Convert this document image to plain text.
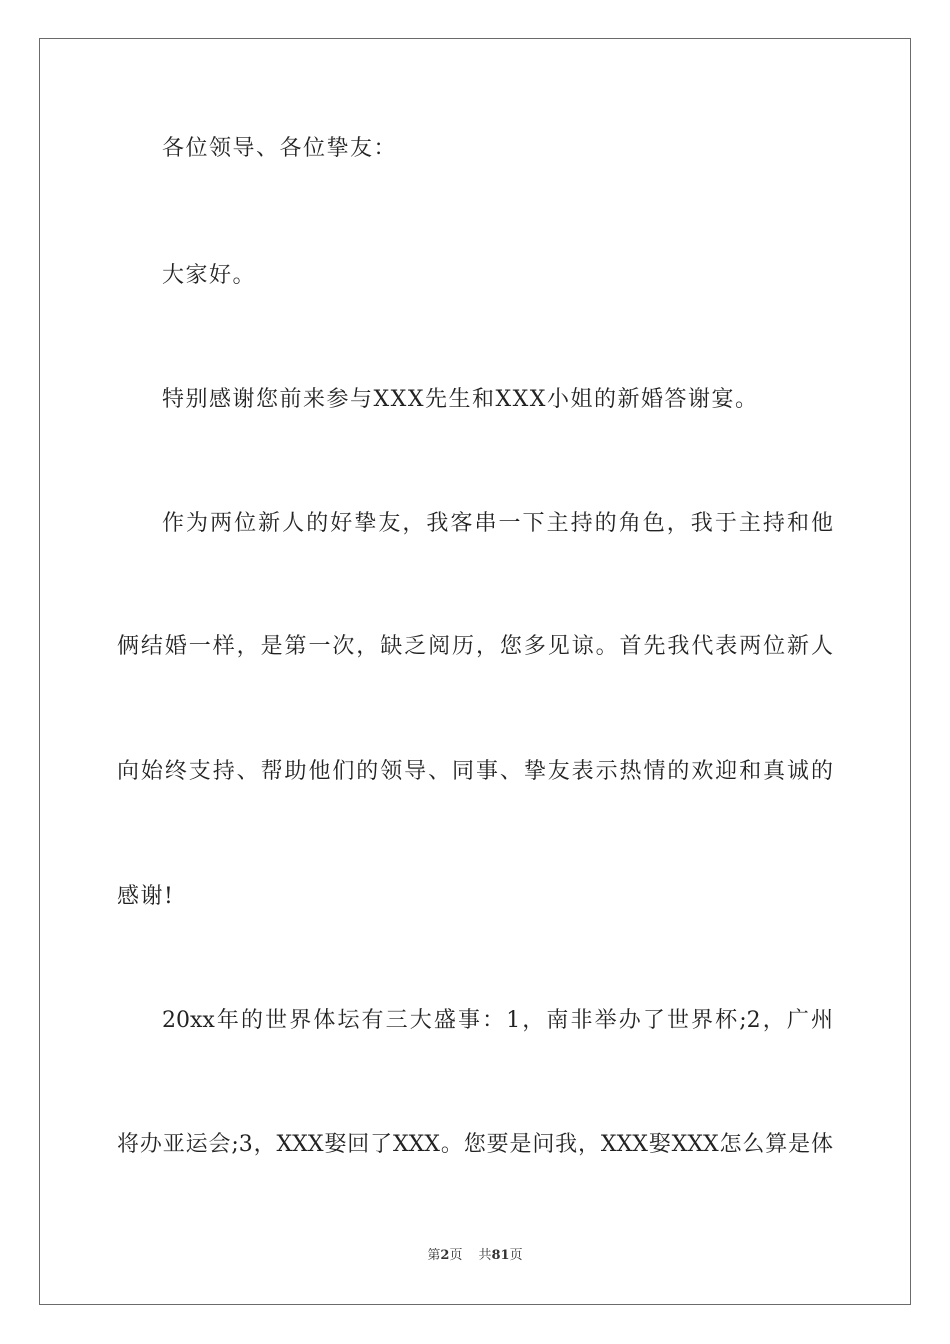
各位领导、各位挚友：
大家好。
特别感谢您前来参与XXX先生和XXX小姐的新婚答谢宴。
作为两位新人的好挚友，我客串一下主持的角色，我于主持和他
俩结婚一样，是第一次，缺乏阅历，您多见谅。首先我代表两位新人
向始终支持、帮助他们的领导、同事、挚友表示热情的欢迎和真诚的
感谢!
20xx年的世界体坛有三大盛事：1，南非举办了世界杯;2，广州
将办亚运会;3，XXX娶回了XXX。您要是问我，XXX娶XXX怎么算是体
第2页 共81页
